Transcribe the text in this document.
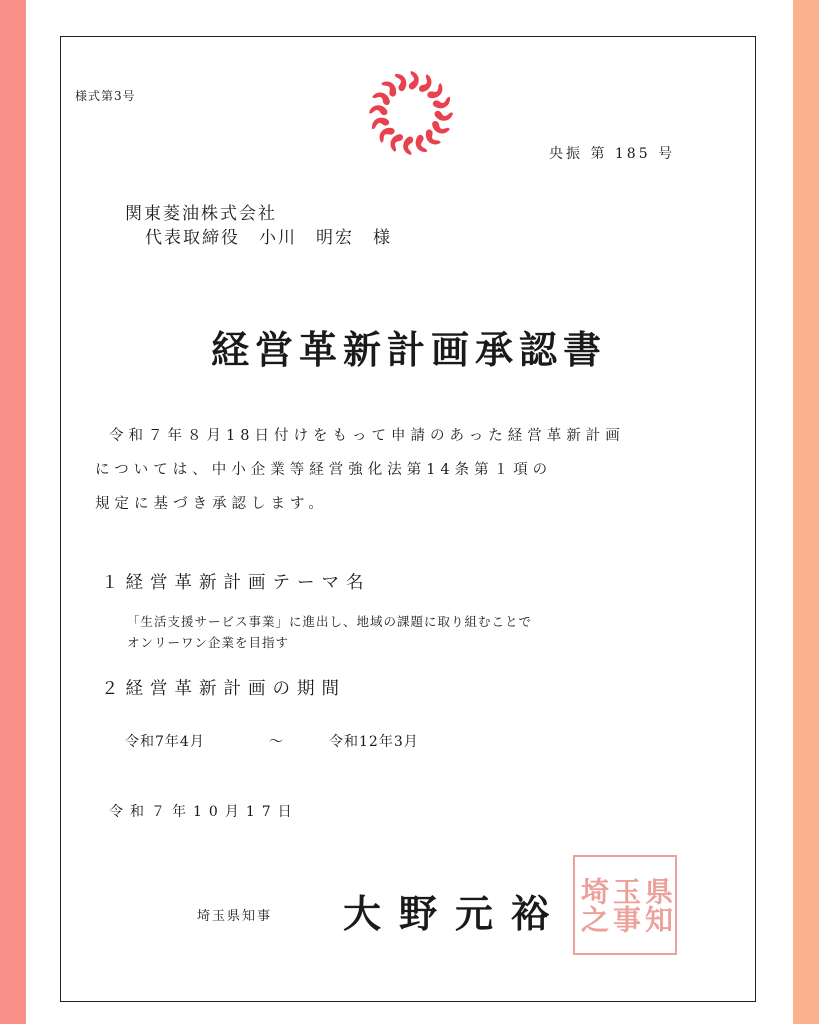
様式第3号
央振 第 185 号
関東菱油株式会社
代表取締役　小川　明宏　様
経営革新計画承認書
令和７年８月18日付けをもって申請のあった経営革新計画
については、中小企業等経営強化法第14条第１項の
規定に基づき承認します。
１経営革新計画テーマ名
「生活支援サービス事業」に進出し、地域の課題に取り組むことで
オンリーワン企業を目指す
２経営革新計画の期間
令和7年4月	～	令和12年3月
令和７年10月17日
埼玉県知事 大野元裕	県知
玉事
埼之
